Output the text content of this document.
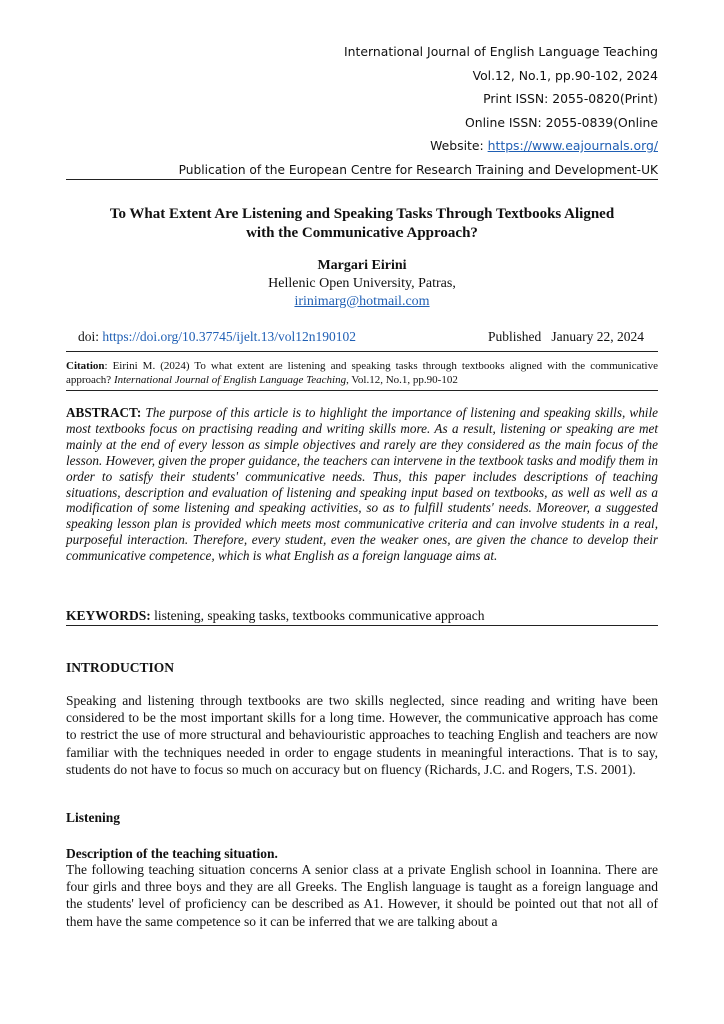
International Journal of English Language Teaching
Vol.12, No.1, pp.90-102, 2024
Print ISSN: 2055-0820(Print)
Online ISSN: 2055-0839(Online
Website: https://www.eajournals.org/
Publication of the European Centre for Research Training and Development-UK
To What Extent Are Listening and Speaking Tasks Through Textbooks Aligned
with the Communicative Approach?
Margari Eirini
Hellenic Open University, Patras,
irinimarg@hotmail.com
doi: https://doi.org/10.37745/ijelt.13/vol12n190102	Published   January 22, 2024
Citation: Eirini M. (2024) To what extent are listening and speaking tasks through textbooks aligned with the communicative approach? International Journal of English Language Teaching, Vol.12, No.1, pp.90-102
ABSTRACT: The purpose of this article is to highlight the importance of listening and speaking skills, while most textbooks focus on practising reading and writing skills more. As a result, listening or speaking are met mainly at the end of every lesson as simple objectives and rarely are they considered as the main focus of the lesson. However, given the proper guidance, the teachers can intervene in the textbook tasks and modify them in order to satisfy their students' communicative needs. Thus, this paper includes descriptions of teaching situations, description and evaluation of listening and speaking input based on textbooks, as well as well as a modification of some listening and speaking activities, so as to fulfill students' needs. Moreover, a suggested speaking lesson plan is provided which meets most communicative criteria and can involve students in a real, purposeful interaction. Therefore, every student, even the weaker ones, are given the chance to develop their communicative competence, which is what English as a foreign language aims at.
KEYWORDS: listening, speaking tasks, textbooks communicative approach
INTRODUCTION
Speaking and listening through textbooks are two skills neglected, since reading and writing have been considered to be the most important skills for a long time. However, the communicative approach has come to restrict the use of more structural and behaviouristic approaches to teaching English and teachers are now familiar with the techniques needed in order to engage students in meaningful interactions. That is to say, students do not have to focus so much on accuracy but on fluency (Richards, J.C. and Rogers, T.S. 2001).
Listening
Description of the teaching situation.
The following teaching situation concerns A senior class at a private English school in Ioannina. There are four girls and three boys and they are all Greeks. The English language is taught as a foreign language and the students' level of proficiency can be described as A1. However, it should be pointed out that not all of them have the same competence so it can be inferred that we are talking about a
